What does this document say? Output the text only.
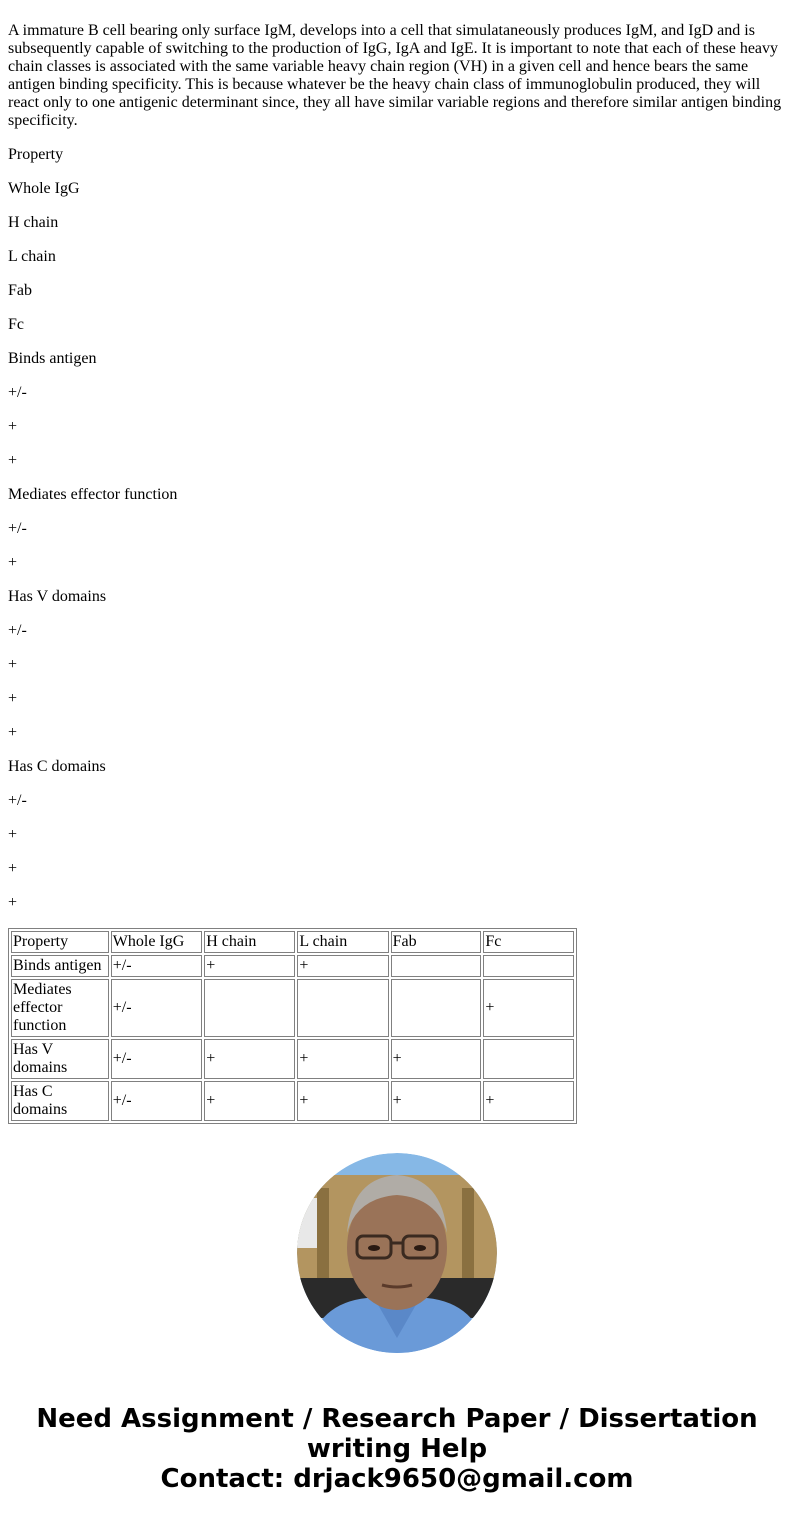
A immature B cell bearing only surface IgM, develops into a cell that simulataneously produces IgM, and IgD and is subsequently capable of switching to the production of IgG, IgA and IgE. It is important to note that each of these heavy chain classes is associated with the same variable heavy chain region (VH) in a given cell and hence bears the same antigen binding specificity. This is because whatever be the heavy chain class of immunoglobulin produced, they will react only to one antigenic determinant since, they all have similar variable regions and therefore similar antigen binding specificity.

Property

Whole IgG

H chain

L chain

Fab

Fc

Binds antigen

+/-

+

+

Mediates effector function

+/-

+

Has V domains

+/-

+

+

+

Has C domains

+/-

+

+

+

Property	Whole IgG	H chain	L chain	Fab	Fc
Binds antigen	+/-	+	+		
Mediates effector function	+/-				+
Has V domains	+/-	+	+	+	
Has C domains	+/-	+	+	+	+
Need Assignment / Research Paper / Dissertation
writing Help
Contact: drjack9650@gmail.com
